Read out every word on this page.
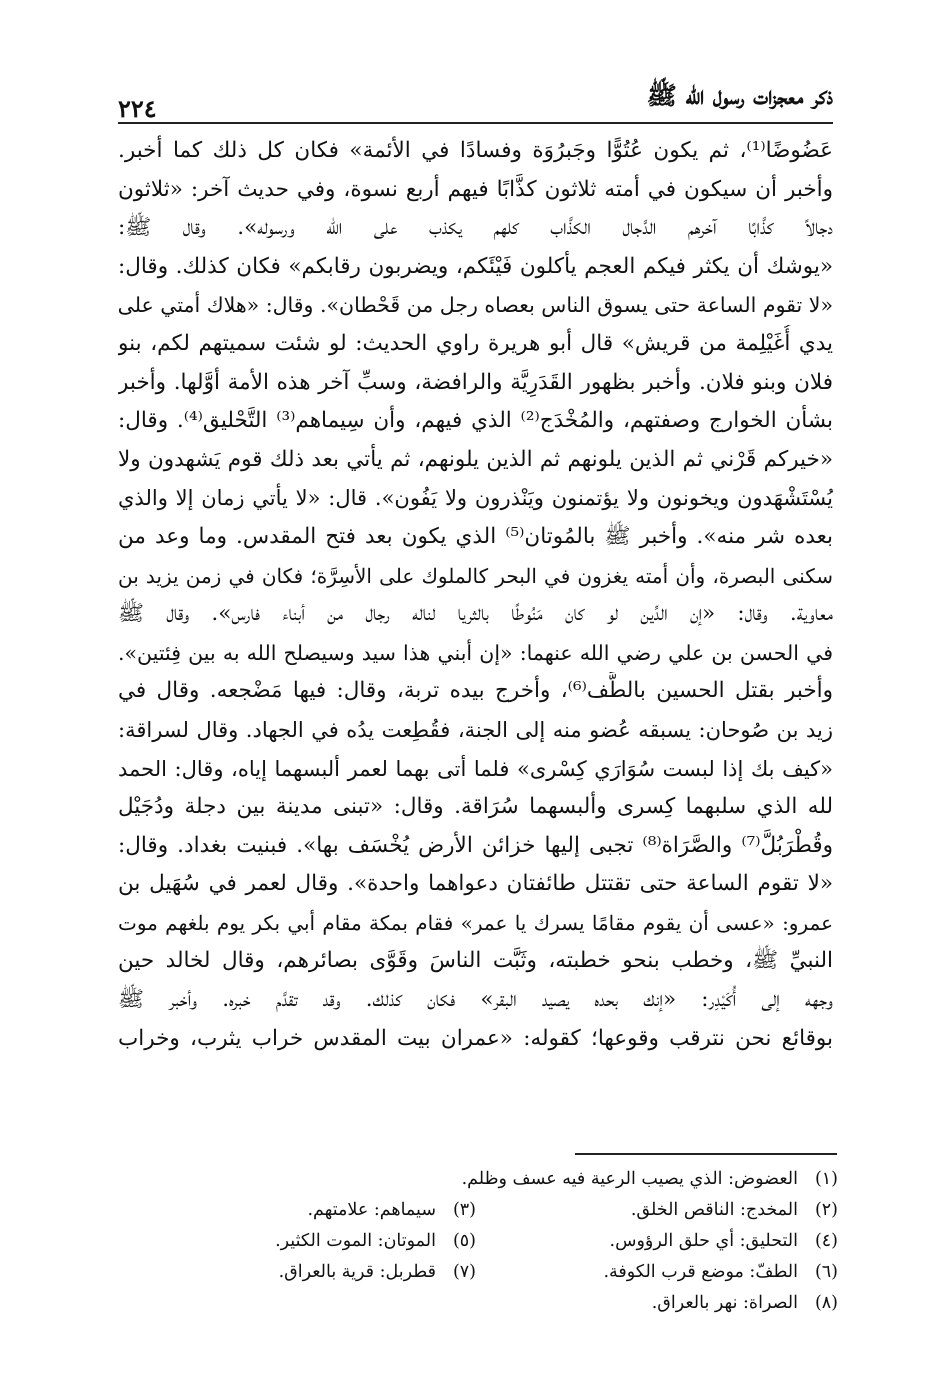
ذكر معجزات رسول الله ﷺ
٢٢٤
عَضُوضًا⁽¹⁾، ثم يكون عُتُوًّا وجَبرُوَة وفسادًا في الأئمة» فكان كل ذلك كما أخبر.
وأخبر أن سيكون في أمته ثلاثون كذَّابًا فيهم أربع نسوة، وفي حديث آخر: «ثلاثون
دجالاً كذَّابًا آخرهم الدَّجال الكذَّاب كلهم يكذب على الله ورسوله». وقال ﷺ:
«يوشك أن يكثر فيكم العجم يأكلون فَيْئَكم، ويضربون رقابكم» فكان كذلك. وقال:
«لا تقوم الساعة حتى يسوق الناس بعصاه رجل من قَحْطان». وقال: «هلاك أمتي على
يدي أُغَيْلِمة من قريش» قال أبو هريرة راوي الحديث: لو شئت سميتهم لكم، بنو
فلان وبنو فلان. وأخبر بظهور القَدَرِيَّة والرافضة، وسبِّ آخر هذه الأمة أوَّلها. وأخبر
بشأن الخوارج وصفتهم، والمُخْدَج⁽²⁾ الذي فيهم، وأن سِيماهم⁽³⁾ التَّحْليق⁽⁴⁾. وقال:
«خيركم قَرْني ثم الذين يلونهم ثم الذين يلونهم، ثم يأتي بعد ذلك قوم يَشهدون ولا
يُسْتَشْهَدون ويخونون ولا يؤتمنون ويَنْذرون ولا يَفُون». قال: «لا يأتي زمان إلا والذي
بعده شر منه». وأخبر ﷺ بالمُوتان⁽⁵⁾ الذي يكون بعد فتح المقدس. وما وعد من
سكنى البصرة، وأن أمته يغزون في البحر كالملوك على الأسِرَّة؛ فكان في زمن يزيد بن
معاوية. وقال: «إن الدِّين لو كان مَنُوطًا بالثريا لناله رجال من أبناء فارس». وقال ﷺ
في الحسن بن علي رضي الله عنهما: «إن أبني هذا سيد وسيصلح الله به بين فِئتين».
وأخبر بقتل الحسين بالطَّف⁽⁶⁾، وأخرج بيده تربة، وقال: فيها مَضْجعه. وقال في
زيد بن صُوحان: يسبقه عُضو منه إلى الجنة، فقُطِعت يدُه في الجهاد. وقال لسراقة:
«كيف بك إذا لبست سُوَارَي كِسْرى» فلما أتى بهما لعمر ألبسهما إياه، وقال: الحمد
لله الذي سلبهما كِسرى وألبسهما سُرَاقة. وقال: «تبنى مدينة بين دجلة ودُجَيْل
وقُطْرَبُلَّ⁽⁷⁾ والصَّرَاة⁽⁸⁾ تجبى إليها خزائن الأرض يُخْسَف بها». فبنيت بغداد. وقال:
«لا تقوم الساعة حتى تقتتل طائفتان دعواهما واحدة». وقال لعمر في سُهَيل بن
عمرو: «عسى أن يقوم مقامًا يسرك يا عمر» فقام بمكة مقام أبي بكر يوم بلغهم موت
النبيِّ ﷺ، وخطب بنحو خطبته، وثَبَّت الناسَ وقَوَّى بصائرهم، وقال لخالد حين
وجهه إلى أُكَيْدِر: «إنك بحده يصيد البقر» فكان كذلك. وقد تقدَّم خبره. وأخبر ﷺ
بوقائع نحن نترقب وقوعها؛ كقوله: «عمران بيت المقدس خراب يثرب، وخراب
(١)العضوض: الذي يصيب الرعية فيه عسف وظلم.
(٢)المخدج: الناقص الخلق.
(٣)سيماهم: علامتهم.
(٤)التحليق: أي حلق الرؤوس.
(٥)الموتان: الموت الكثير.
(٦)الطفّ: موضع قرب الكوفة.
(٧)قطربل: قرية بالعراق.
(٨)الصراة: نهر بالعراق.
